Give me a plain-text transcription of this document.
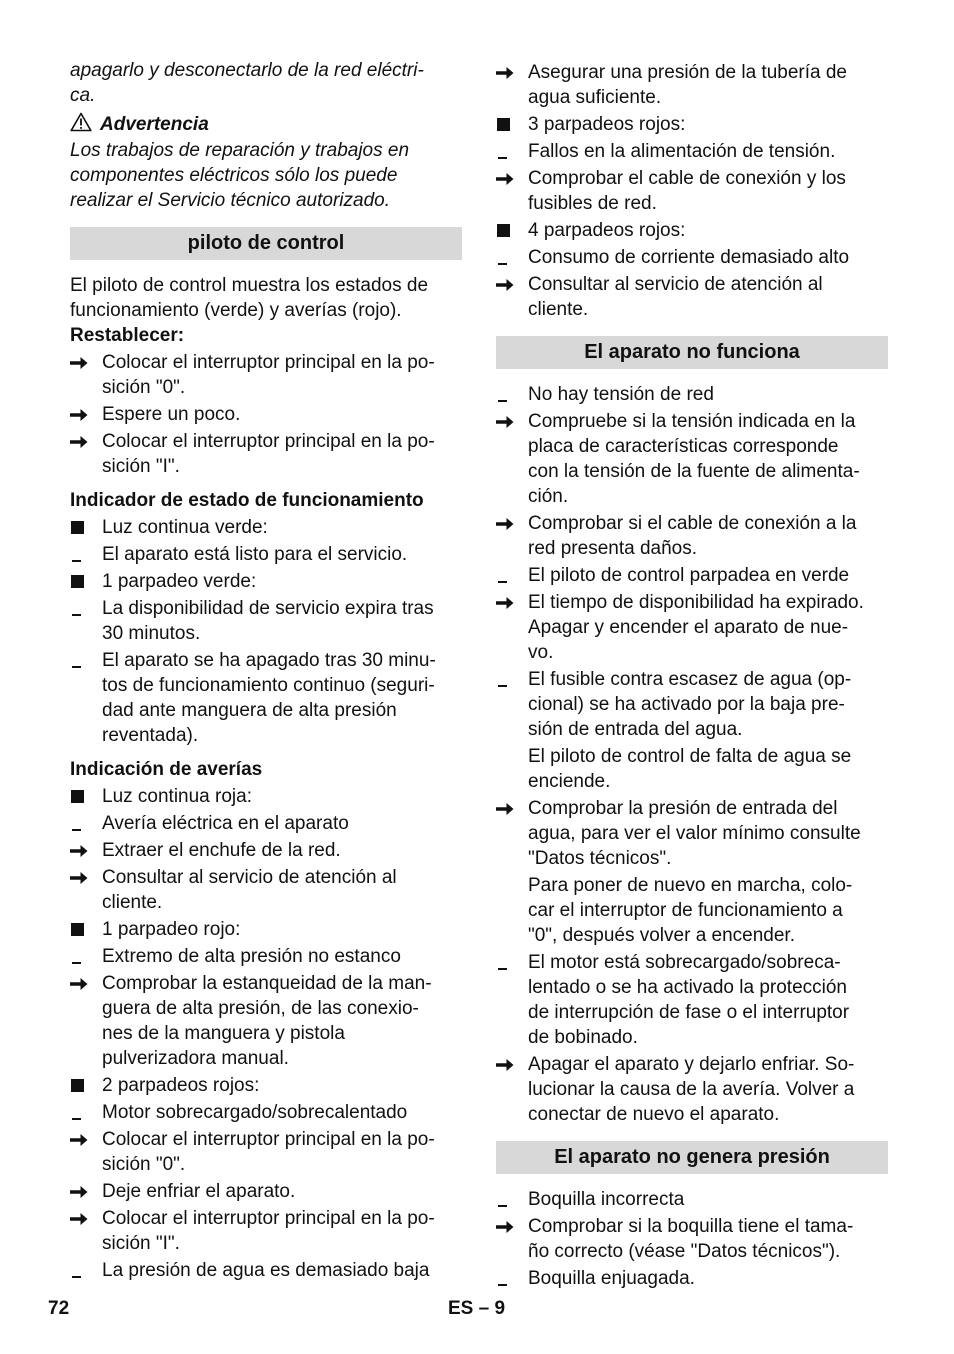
apagarlo y desconectarlo de la red eléctri-
ca.
Advertencia
Los trabajos de reparación y trabajos en
componentes eléctricos sólo los puede
realizar el Servicio técnico autorizado.
piloto de control
El piloto de control muestra los estados de
funcionamiento (verde) y averías (rojo).
Restablecer:
Colocar el interruptor principal en la po-
sición "0".
Espere un poco.
Colocar el interruptor principal en la po-
sición "I".
Indicador de estado de funcionamiento
Luz continua verde:
El aparato está listo para el servicio.
1 parpadeo verde:
La disponibilidad de servicio expira tras
30 minutos.
El aparato se ha apagado tras 30 minu-
tos de funcionamiento continuo (seguri-
dad ante manguera de alta presión
reventada).
Indicación de averías
Luz continua roja:
Avería eléctrica en el aparato
Extraer el enchufe de la red.
Consultar al servicio de atención al
cliente.
1 parpadeo rojo:
Extremo de alta presión no estanco
Comprobar la estanqueidad de la man-
guera de alta presión, de las conexio-
nes de la manguera y pistola
pulverizadora manual.
2 parpadeos rojos:
Motor sobrecargado/sobrecalentado
Colocar el interruptor principal en la po-
sición "0".
Deje enfriar el aparato.
Colocar el interruptor principal en la po-
sición "I".
La presión de agua es demasiado baja
Asegurar una presión de la tubería de
agua suficiente.
3 parpadeos rojos:
Fallos en la alimentación de tensión.
Comprobar el cable de conexión y los
fusibles de red.
4 parpadeos rojos:
Consumo de corriente demasiado alto
Consultar al servicio de atención al
cliente.
El aparato no funciona
No hay tensión de red
Compruebe si la tensión indicada en la
placa de características corresponde
con la tensión de la fuente de alimenta-
ción.
Comprobar si el cable de conexión a la
red presenta daños.
El piloto de control parpadea en verde
El tiempo de disponibilidad ha expirado.
Apagar y encender el aparato de nue-
vo.
El fusible contra escasez de agua (op-
cional) se ha activado por la baja pre-
sión de entrada del agua.
El piloto de control de falta de agua se
enciende.
Comprobar la presión de entrada del
agua, para ver el valor mínimo consulte
"Datos técnicos".
Para poner de nuevo en marcha, colo-
car el interruptor de funcionamiento a
"0", después volver a encender.
El motor está sobrecargado/sobreca-
lentado o se ha activado la protección
de interrupción de fase o el interruptor
de bobinado.
Apagar el aparato y dejarlo enfriar. So-
lucionar la causa de la avería. Volver a
conectar de nuevo el aparato.
El aparato no genera presión
Boquilla incorrecta
Comprobar si la boquilla tiene el tama-
ño correcto (véase "Datos técnicos").
Boquilla enjuagada.
72	ES – 9
